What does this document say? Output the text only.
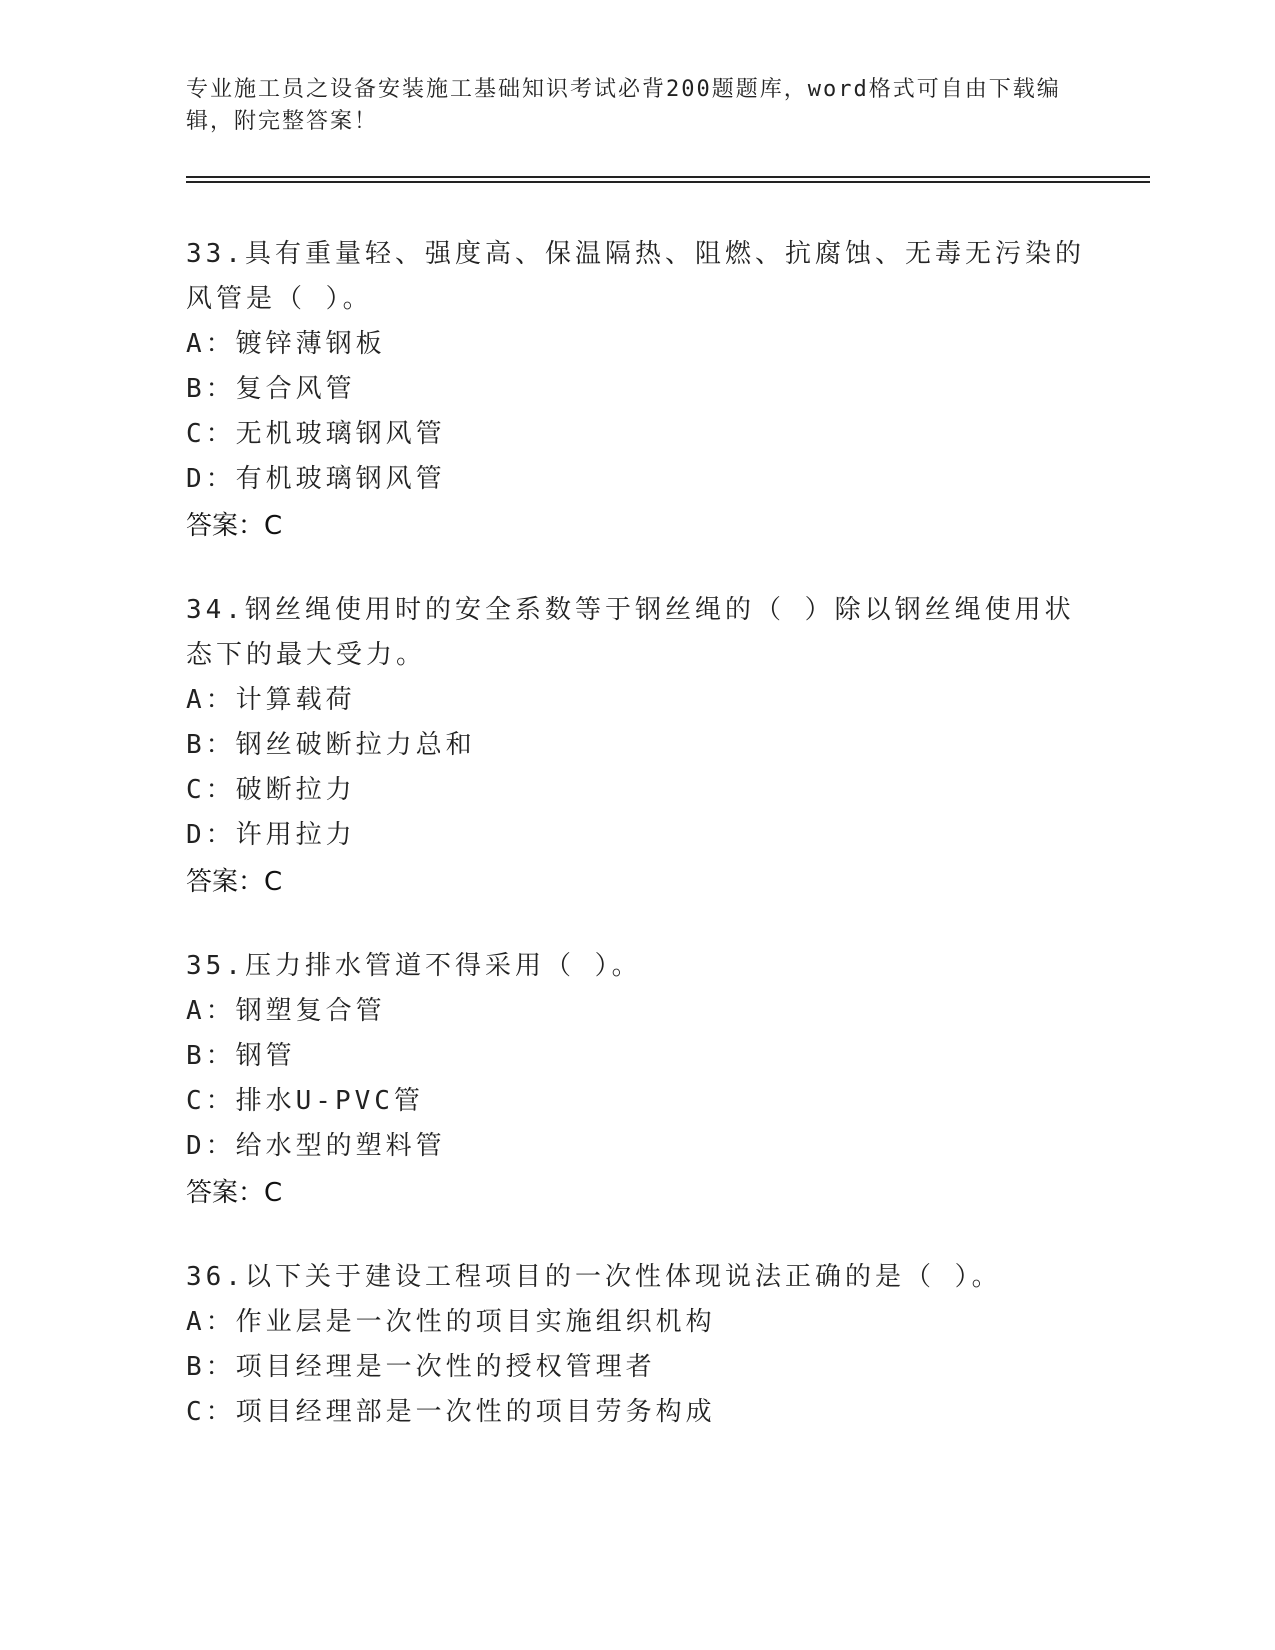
专业施工员之设备安装施工基础知识考试必背200题题库，word格式可自由下载编辑，附完整答案！

33.具有重量轻、强度高、保温隔热、阻燃、抗腐蚀、无毒无污染的风管是（ ）。

A：镀锌薄钢板

B：复合风管

C：无机玻璃钢风管

D：有机玻璃钢风管

答案：C

34.钢丝绳使用时的安全系数等于钢丝绳的（ ）除以钢丝绳使用状态下的最大受力。

A：计算载荷

B：钢丝破断拉力总和

C：破断拉力

D：许用拉力

答案：C

35.压力排水管道不得采用（ ）。

A：钢塑复合管

B：钢管

C：排水U-PVC管

D：给水型的塑料管

答案：C

36.以下关于建设工程项目的一次性体现说法正确的是（ ）。

A：作业层是一次性的项目实施组织机构

B：项目经理是一次性的授权管理者

C：项目经理部是一次性的项目劳务构成
